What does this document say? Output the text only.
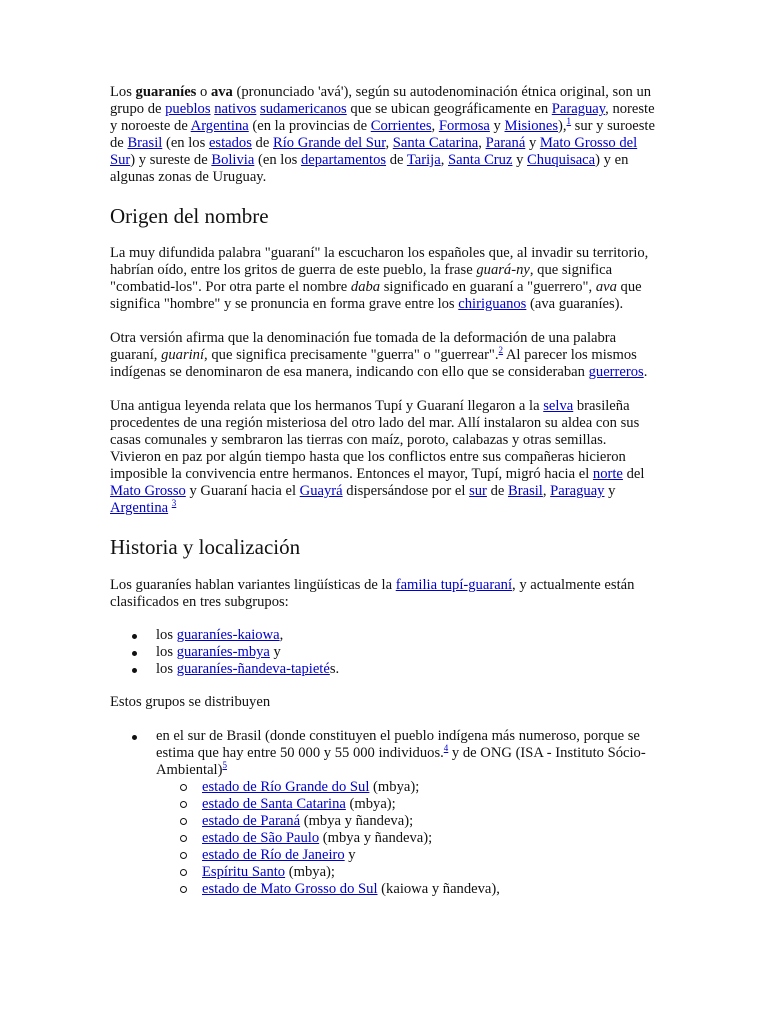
Los guaraníes o ava (pronunciado 'avá'), según su autodenominación étnica original, son un grupo de pueblos nativos sudamericanos que se ubican geográficamente en Paraguay, noreste y noroeste de Argentina (en la provincias de Corrientes, Formosa y Misiones),$^1$ sur y suroeste de Brasil (en los estados de Río Grande del Sur, Santa Catarina, Paraná y Mato Grosso del Sur) y sureste de Bolivia (en los departamentos de Tarija, Santa Cruz y Chuquisaca) y en algunas zonas de Uruguay.

Origen del nombre

La muy difundida palabra "guaraní" la escucharon los españoles que, al invadir su territorio, habrían oído, entre los gritos de guerra de este pueblo, la frase guará-ny, que significa "combatid-los". Por otra parte el nombre daba significado en guaraní a "guerrero", ava que significa "hombre" y se pronuncia en forma grave entre los chiriguanos (ava guaraníes).

Otra versión afirma que la denominación fue tomada de la deformación de una palabra guaraní, guariní, que significa precisamente "guerra" o "guerrear".$^2$ Al parecer los mismos indígenas se denominaron de esa manera, indicando con ello que se consideraban guerreros.

Una antigua leyenda relata que los hermanos Tupí y Guaraní llegaron a la selva brasileña procedentes de una región misteriosa del otro lado del mar. Allí instalaron su aldea con sus casas comunales y sembraron las tierras con maíz, poroto, calabazas y otras semillas. Vivieron en paz por algún tiempo hasta que los conflictos entre sus compañeras hicieron imposible la convivencia entre hermanos. Entonces el mayor, Tupí, migró hacia el norte del Mato Grosso y Guaraní hacia el Guayrá dispersándose por el sur de Brasil, Paraguay y Argentina $^3$

Historia y localización

Los guaraníes hablan variantes lingüísticas de la familia tupí-guaraní, y actualmente están clasificados en tres subgrupos:

los guaraníes-kaiowa,
los guaraníes-mbya y
los guaraníes-ñandeva-tapietés.

Estos grupos se distribuyen

en el sur de Brasil (donde constituyen el pueblo indígena más numeroso, porque se estima que hay entre 50 000 y 55 000 individuos.$^4$ y de ONG (ISA - Instituto Sócio-Ambiental)$^5$
estado de Río Grande do Sul (mbya);
estado de Santa Catarina (mbya);
estado de Paraná (mbya y ñandeva);
estado de São Paulo (mbya y ñandeva);
estado de Río de Janeiro y
Espíritu Santo (mbya);
estado de Mato Grosso do Sul (kaiowa y ñandeva),
